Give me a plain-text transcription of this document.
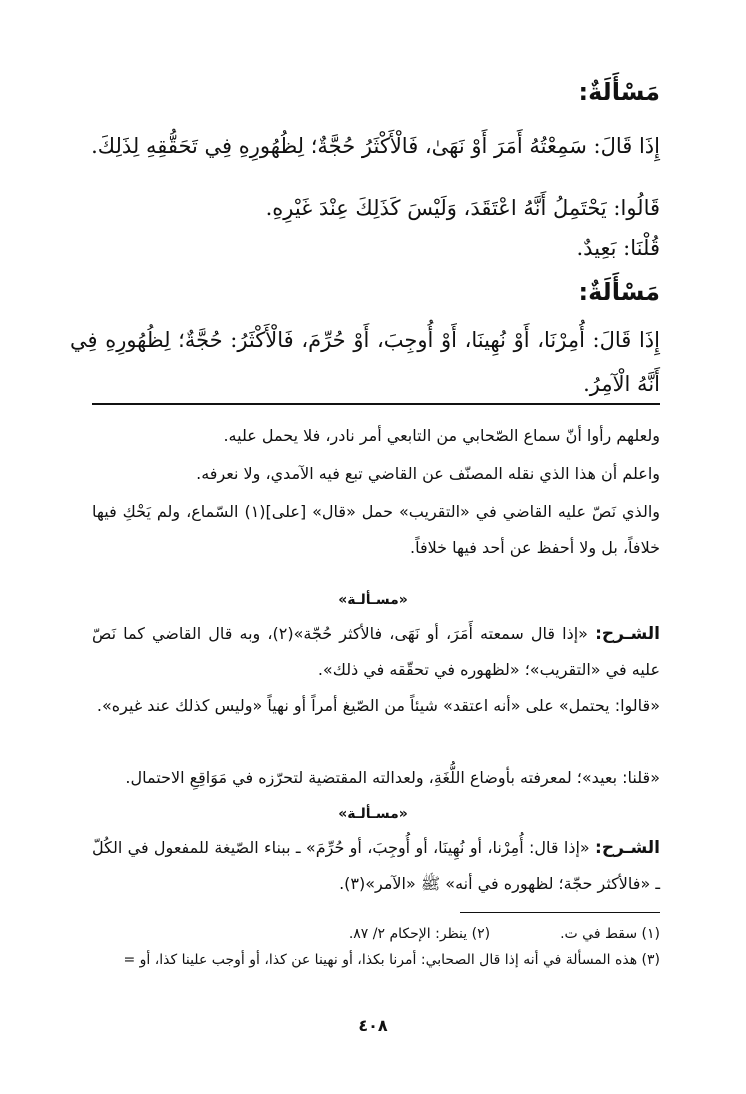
مَسْأَلَةٌ:

إِذَا قَالَ: سَمِعْتُهُ أَمَرَ أَوْ نَهَىٰ، فَالْأَكْثَرُ حُجَّةٌ؛ لِظُهُورِهِ فِي تَحَقُّقِهِ لِذَلِكَ.

قَالُوا: يَحْتَمِلُ أَنَّهُ اعْتَقَدَ، وَلَيْسَ كَذَلِكَ عِنْدَ غَيْرِهِ.

قُلْنَا: بَعِيدٌ.

مَسْأَلَةٌ:

إِذَا قَالَ: أُمِرْنَا، أَوْ نُهِينَا، أَوْ أُوجِبَ، أَوْ حُرِّمَ، فَالْأَكْثَرُ: حُجَّةٌ؛ لِظُهُورِهِ فِي أَنَّهُ الْآمِرُ.

ولعلهم رأوا أنّ سماع الصّحابي من التابعي أمر نادر، فلا يحمل عليه.

واعلم أن هذا الذي نقله المصنّف عن القاضي تبع فيه الآمدي، ولا نعرفه.

والذي نَصّ عليه القاضي في «التقريب» حمل «قال» [على](١) السّماع، ولم يَحْكِ فيها خلافاً، بل ولا أحفظ عن أحد فيها خلافاً.

«مسـألـة»

الشـرح: «إذا قال سمعته أَمَرَ، أو نَهَى، فالأكثر حُجّة»(٢)، وبه قال القاضي كما نَصّ عليه في «التقريب»؛ «لظهوره في تحقّقه في ذلك».

«قالوا: يحتمل» على «أنه اعتقد» شيئاً من الصّيغ أمراً أو نهياً «وليس كذلك عند غيره».

«قلنا: بعيد»؛ لمعرفته بأوضاع اللُّغَةِ، ولعدالته المقتضية لتحرّزه في مَوَاقِعِ الاحتمال.

«مسـألـة»

الشـرح: «إذا قال: أُمِرْنا، أو نُهِينَا، أو أُوجِبَ، أو حُرِّمَ» ـ ببناء الصّيغة للمفعول في الكُلّ ـ «فالأكثر حجّة؛ لظهوره في أنه» ﷺ «الآمر»(٣).

(١) سقط في ت.(٢) ينظر: الإحكام ٢/ ٨٧.

(٣) هذه المسألة في أنه إذا قال الصحابي: أمرنا بكذا، أو نهينا عن كذا، أو أوجب علينا كذا، أو =

٤٠٨
